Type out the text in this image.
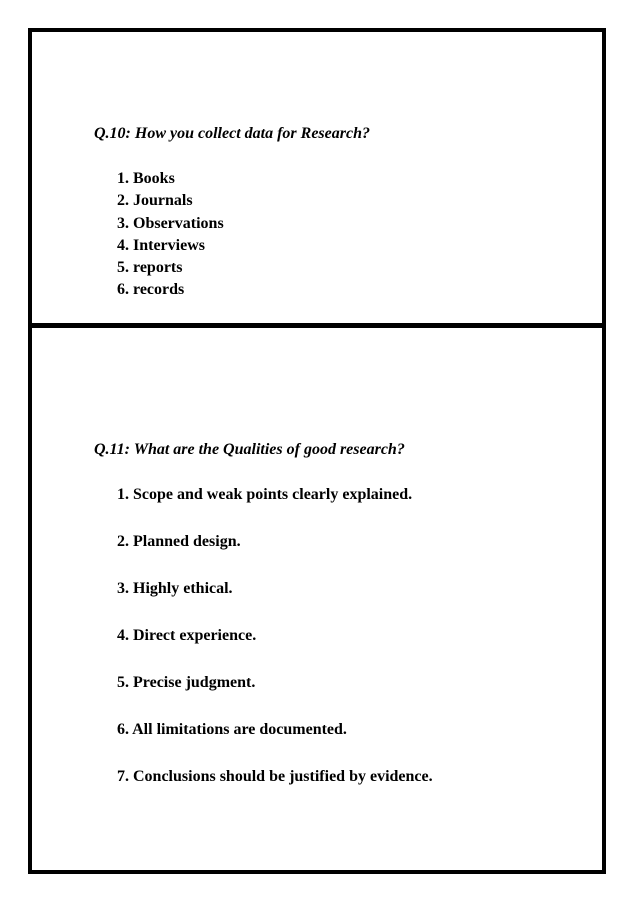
Q.10: How you collect data for Research?

1. Books
2. Journals
3. Observations
4. Interviews
5. reports
6. records

Q.11: What are the Qualities of good research?

1. Scope and weak points clearly explained.
2. Planned design.
3. Highly ethical.
4. Direct experience.
5. Precise judgment.
6. All limitations are documented.
7. Conclusions should be justified by evidence.
